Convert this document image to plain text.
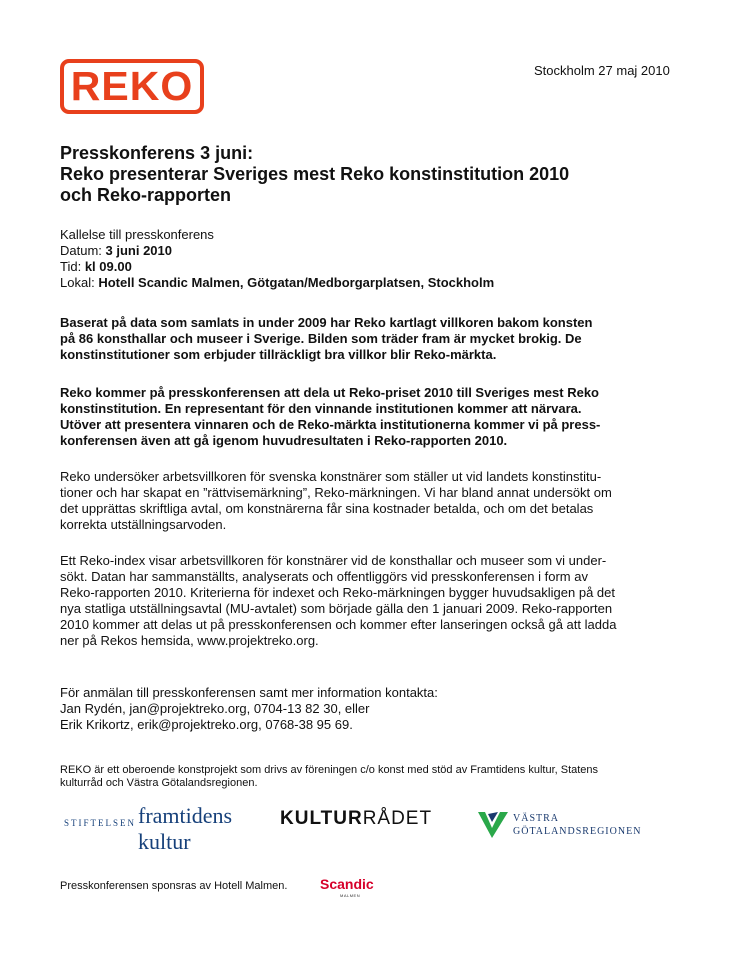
REKO	Stockholm 27 maj 2010
Presskonferens 3 juni:
Reko presenterar Sveriges mest Reko konstinstitution 2010
och Reko-rapporten
Kallelse till presskonferens
Datum: 3 juni 2010
Tid: kl 09.00
Lokal: Hotell Scandic Malmen, Götgatan/Medborgarplatsen, Stockholm
Baserat på data som samlats in under 2009 har Reko kartlagt villkoren bakom konsten
på 86 konsthallar och museer i Sverige. Bilden som träder fram är mycket brokig. De
konstinstitutioner som erbjuder tillräckligt bra villkor blir Reko-märkta.
Reko kommer på presskonferensen att dela ut Reko-priset 2010 till Sveriges mest Reko
konstinstitution. En representant för den vinnande institutionen kommer att närvara.
Utöver att presentera vinnaren och de Reko-märkta institutionerna kommer vi på press-
konferensen även att gå igenom huvudresultaten i Reko-rapporten 2010.
Reko undersöker arbetsvillkoren för svenska konstnärer som ställer ut vid landets konstinstitu-
tioner och har skapat en ”rättvisemärkning”, Reko-märkningen. Vi har bland annat undersökt om
det upprättas skriftliga avtal, om konstnärerna får sina kostnader betalda, och om det betalas
korrekta utställningsarvoden.
Ett Reko-index visar arbetsvillkoren för konstnärer vid de konsthallar och museer som vi under-
sökt. Datan har sammanställts, analyserats och offentliggörs vid presskonferensen i form av
Reko-rapporten 2010. Kriterierna för indexet och Reko-märkningen bygger huvudsakligen på det
nya statliga utställningsavtal (MU-avtalet) som började gälla den 1 januari 2009. Reko-rapporten
2010 kommer att delas ut på presskonferensen och kommer efter lanseringen också gå att ladda
ner på Rekos hemsida, www.projektreko.org.
För anmälan till presskonferensen samt mer information kontakta:
Jan Rydén, jan@projektreko.org, 0704-13 82 30, eller
Erik Krikortz, erik@projektreko.org, 0768-38 95 69.
REKO är ett oberoende konstprojekt som drivs av föreningen c/o konst med stöd av Framtidens kultur, Statens
kulturråd och Västra Götalandsregionen.
STIFTELSEN framtidens
kultur
KULTURRÅDET	VÄSTRA
GÖTALANDSREGIONEN
Presskonferensen sponsras av Hotell Malmen. Scandic
MALMEN
